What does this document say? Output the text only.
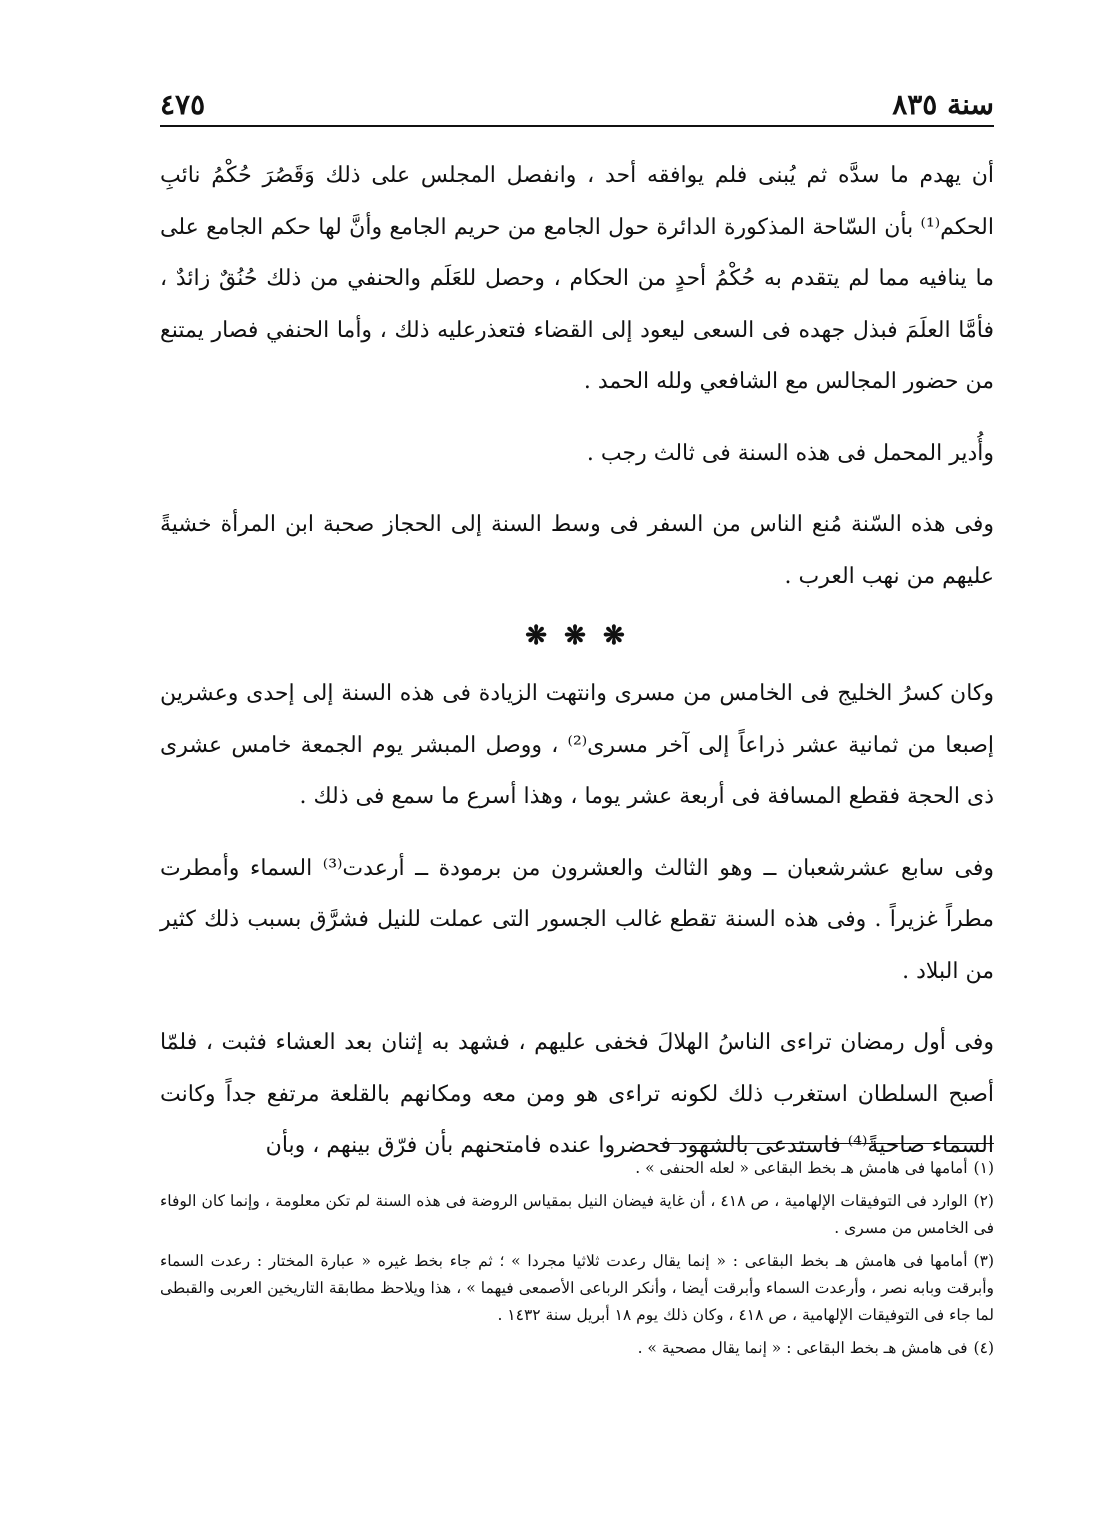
سنة ٨٣٥
٤٧٥

أن يهدم ما سدَّه ثم يُبنى فلم يوافقه أحد ، وانفصل المجلس على ذلك وَقَصُرَ حُكْمُ نائبِ الحكم⁽¹⁾ بأن السّاحة المذكورة الدائرة حول الجامع من حريم الجامع وأنَّ لها حكم الجامع على ما ينافيه مما لم يتقدم به حُكْمُ أحدٍ من الحكام ، وحصل للعَلَم والحنفي من ذلك حُنُقٌ زائدٌ ، فأمَّا العلَمَ فبذل جهده فى السعى ليعود إلى القضاء فتعذرعليه ذلك ، وأما الحنفي فصار يمتنع من حضور المجالس مع الشافعي ولله الحمد .

وأُدير المحمل فى هذه السنة فى ثالث رجب .

وفى هذه السّنة مُنع الناس من السفر فى وسط السنة إلى الحجاز صحبة ابن المرأة خشيةً عليهم من نهب العرب .

❋ ❋ ❋

وكان كسرُ الخليج فى الخامس من مسرى وانتهت الزيادة فى هذه السنة إلى إحدى وعشرين إصبعا من ثمانية عشر ذراعاً إلى آخر مسرى⁽²⁾ ، ووصل المبشر يوم الجمعة خامس عشرى ذى الحجة فقطع المسافة فى أربعة عشر يوما ، وهذا أسرع ما سمع فى ذلك .

وفى سابع عشرشعبان ــ وهو الثالث والعشرون من برمودة ــ أرعدت⁽³⁾ السماء وأمطرت مطراً غزيراً . وفى هذه السنة تقطع غالب الجسور التى عملت للنيل فشرَّق بسبب ذلك كثير من البلاد .

وفى أول رمضان تراءى الناسُ الهلالَ فخفى عليهم ، فشهد به إثنان بعد العشاء فثبت ، فلمّا أصبح السلطان استغرب ذلك لكونه تراءى هو ومن معه ومكانهم بالقلعة مرتفع جداً وكانت السماء صاحيةً⁽⁴⁾ فاستدعى بالشهود فحضروا عنده فامتحنهم بأن فرّق بينهم ، وبأن

(١)أمامها فى هامش هـ بخط البقاعى « لعله الحنفى » .

(٢)الوارد فى التوفيقات الإلهامية ، ص ٤١٨ ، أن غاية فيضان النيل بمقياس الروضة فى هذه السنة لم تكن معلومة ، وإنما كان الوفاء فى الخامس من مسرى .

(٣)أمامها فى هامش هـ بخط البقاعى : « إنما يقال رعدت ثلاثيا مجردا » ؛ ثم جاء بخط غيره « عبارة المختار : رعدت السماء وأبرقت وبابه نصر ، وأرعدت السماء وأبرقت أيضا ، وأنكر الرباعى الأصمعى فيهما » ، هذا ويلاحظ مطابقة التاريخين العربى والقبطى لما جاء فى التوفيقات الإلهامية ، ص ٤١٨ ، وكان ذلك يوم ١٨ أبريل سنة ١٤٣٢ .

(٤)فى هامش هـ بخط البقاعى : « إنما يقال مصحية » .
